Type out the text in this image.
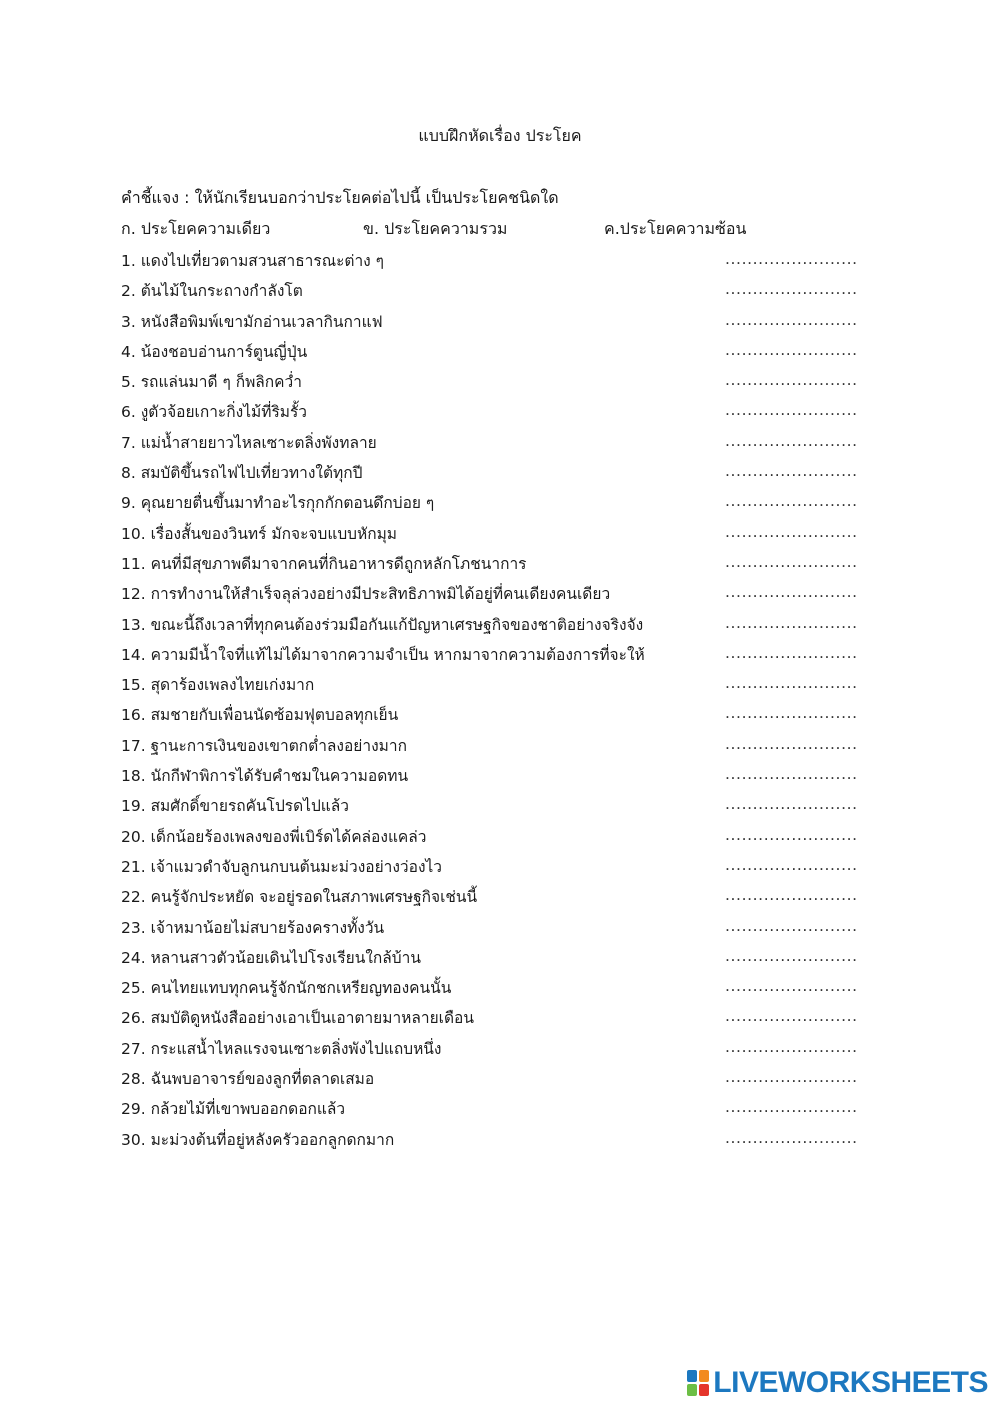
แบบฝึกหัดเรื่อง ประโยค
คำชี้แจง : ให้นักเรียนบอกว่าประโยคต่อไปนี้ เป็นประโยคชนิดใด
ก. ประโยคความเดียว	ข. ประโยคความรวม	ค.ประโยคความซ้อน
1. แดงไปเที่ยวตามสวนสาธารณะต่าง ๆ	........................
2. ต้นไม้ในกระถางกำลังโต	........................
3. หนังสือพิมพ์เขามักอ่านเวลากินกาแฟ	........................
4. น้องชอบอ่านการ์ตูนญี่ปุ่น	........................
5. รถแล่นมาดี ๆ ก็พลิกคว่ำ	........................
6. งูตัวจ้อยเกาะกิ่งไม้ที่ริมรั้ว	........................
7. แม่น้ำสายยาวไหลเซาะตลิ่งพังทลาย	........................
8. สมบัติขึ้นรถไฟไปเที่ยวทางใต้ทุกปี	........................
9. คุณยายตื่นขึ้นมาทำอะไรกุกกักตอนดึกบ่อย ๆ	........................
10. เรื่องสั้นของวินทร์ มักจะจบแบบหักมุม	........................
11. คนที่มีสุขภาพดีมาจากคนที่กินอาหารดีถูกหลักโภชนาการ	........................
12. การทำงานให้สำเร็จลุล่วงอย่างมีประสิทธิภาพมิได้อยู่ที่คนเดียงคนเดียว	........................
13. ขณะนี้ถึงเวลาที่ทุกคนต้องร่วมมือกันแก้ปัญหาเศรษฐกิจของชาติอย่างจริงจัง	........................
14. ความมีน้ำใจที่แท้ไม่ได้มาจากความจำเป็น หากมาจากความต้องการที่จะให้	........................
15. สุดาร้องเพลงไทยเก่งมาก	........................
16. สมชายกับเพื่อนนัดซ้อมฟุตบอลทุกเย็น	........................
17. ฐานะการเงินของเขาตกต่ำลงอย่างมาก	........................
18. นักกีฬาพิการได้รับคำชมในความอดทน	........................
19. สมศักดิ์ขายรถคันโปรดไปแล้ว	........................
20. เด็กน้อยร้องเพลงของพี่เบิร์ดได้คล่องแคล่ว	........................
21. เจ้าแมวดำจับลูกนกบนต้นมะม่วงอย่างว่องไว	........................
22. คนรู้จักประหยัด จะอยู่รอดในสภาพเศรษฐกิจเช่นนี้	........................
23. เจ้าหมาน้อยไม่สบายร้องครางทั้งวัน	........................
24. หลานสาวตัวน้อยเดินไปโรงเรียนใกล้บ้าน	........................
25. คนไทยแทบทุกคนรู้จักนักชกเหรียญทองคนนั้น	........................
26. สมบัติดูหนังสืออย่างเอาเป็นเอาตายมาหลายเดือน	........................
27. กระแสน้ำไหลแรงจนเซาะตลิ่งพังไปแถบหนึ่ง	........................
28. ฉันพบอาจารย์ของลูกที่ตลาดเสมอ	........................
29. กล้วยไม้ที่เขาพบออกดอกแล้ว	........................
30. มะม่วงต้นที่อยู่หลังครัวออกลูกดกมาก	........................
LIVEWORKSHEETS
